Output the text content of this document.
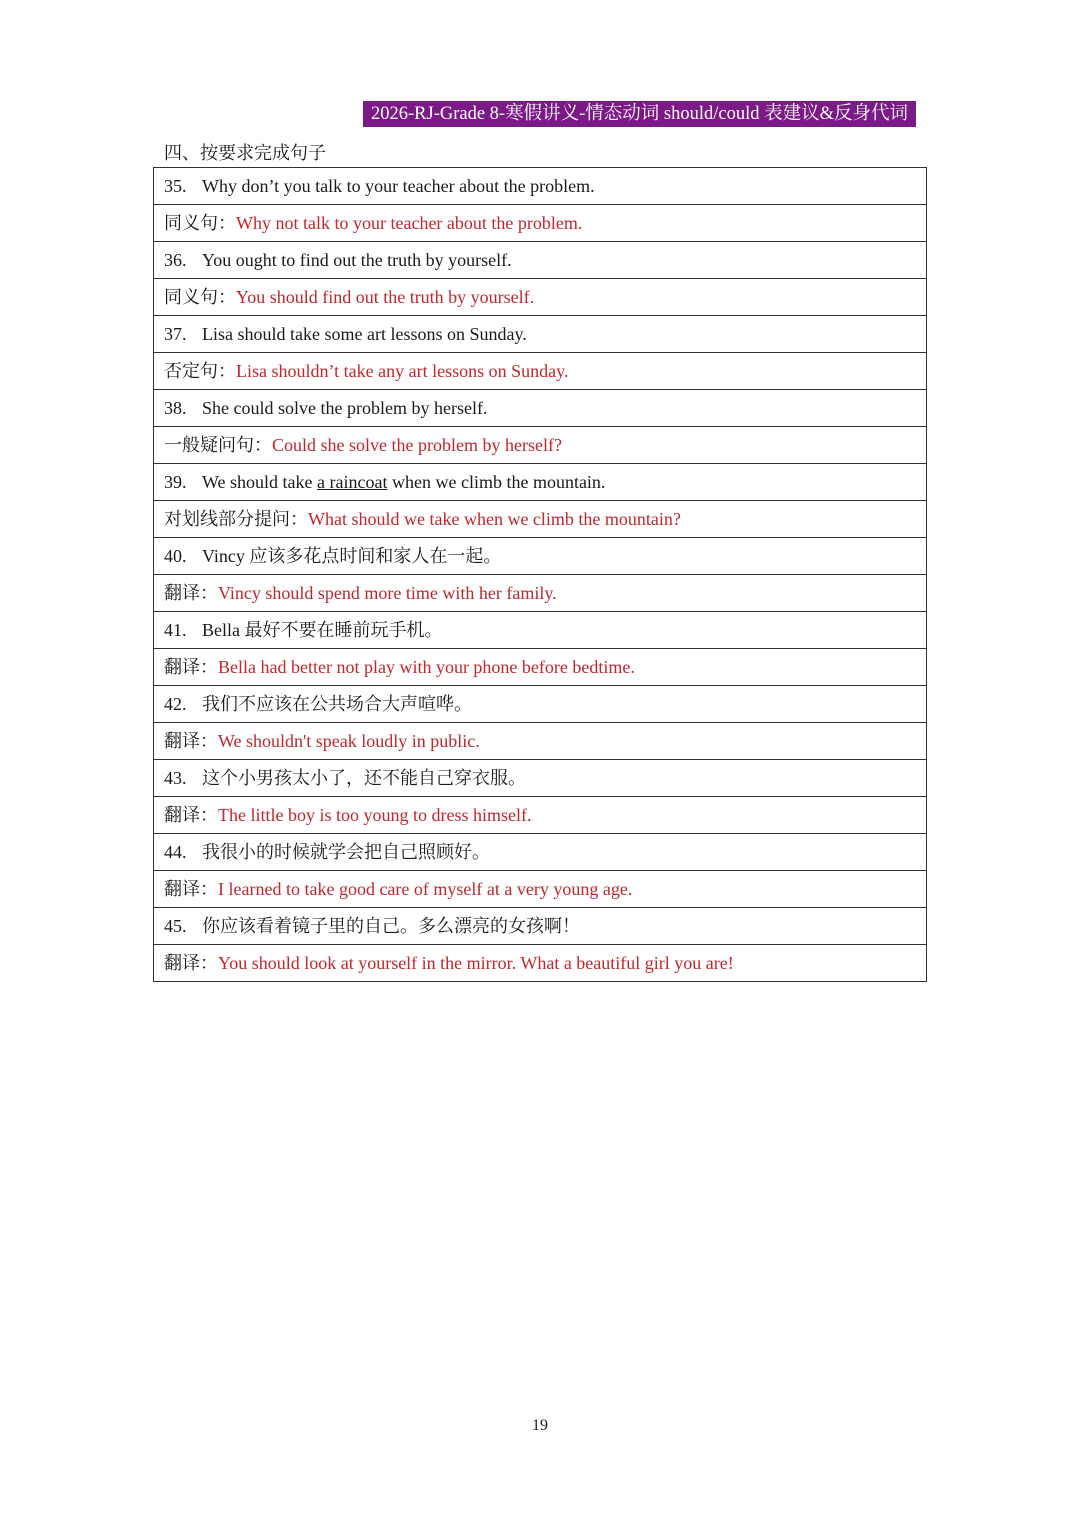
2026-RJ-Grade 8-寒假讲义-情态动词 should/could 表建议&反身代词
四、按要求完成句子
35. Why don’t you talk to your teacher about the problem.
同义句：Why not talk to your teacher about the problem.
36. You ought to find out the truth by yourself.
同义句：You should find out the truth by yourself.
37. Lisa should take some art lessons on Sunday.
否定句：Lisa shouldn’t take any art lessons on Sunday.
38. She could solve the problem by herself.
一般疑问句：Could she solve the problem by herself?
39. We should take a raincoat when we climb the mountain.
对划线部分提问：What should we take when we climb the mountain?
40. Vincy 应该多花点时间和家人在一起。
翻译：Vincy should spend more time with her family.
41. Bella 最好不要在睡前玩手机。
翻译：Bella had better not play with your phone before bedtime.
42. 我们不应该在公共场合大声喧哗。
翻译：We shouldn't speak loudly in public.
43. 这个小男孩太小了，还不能自己穿衣服。
翻译：The little boy is too young to dress himself.
44. 我很小的时候就学会把自己照顾好。
翻译：I learned to take good care of myself at a very young age.
45. 你应该看着镜子里的自己。多么漂亮的女孩啊！
翻译：You should look at yourself in the mirror. What a beautiful girl you are!
19
